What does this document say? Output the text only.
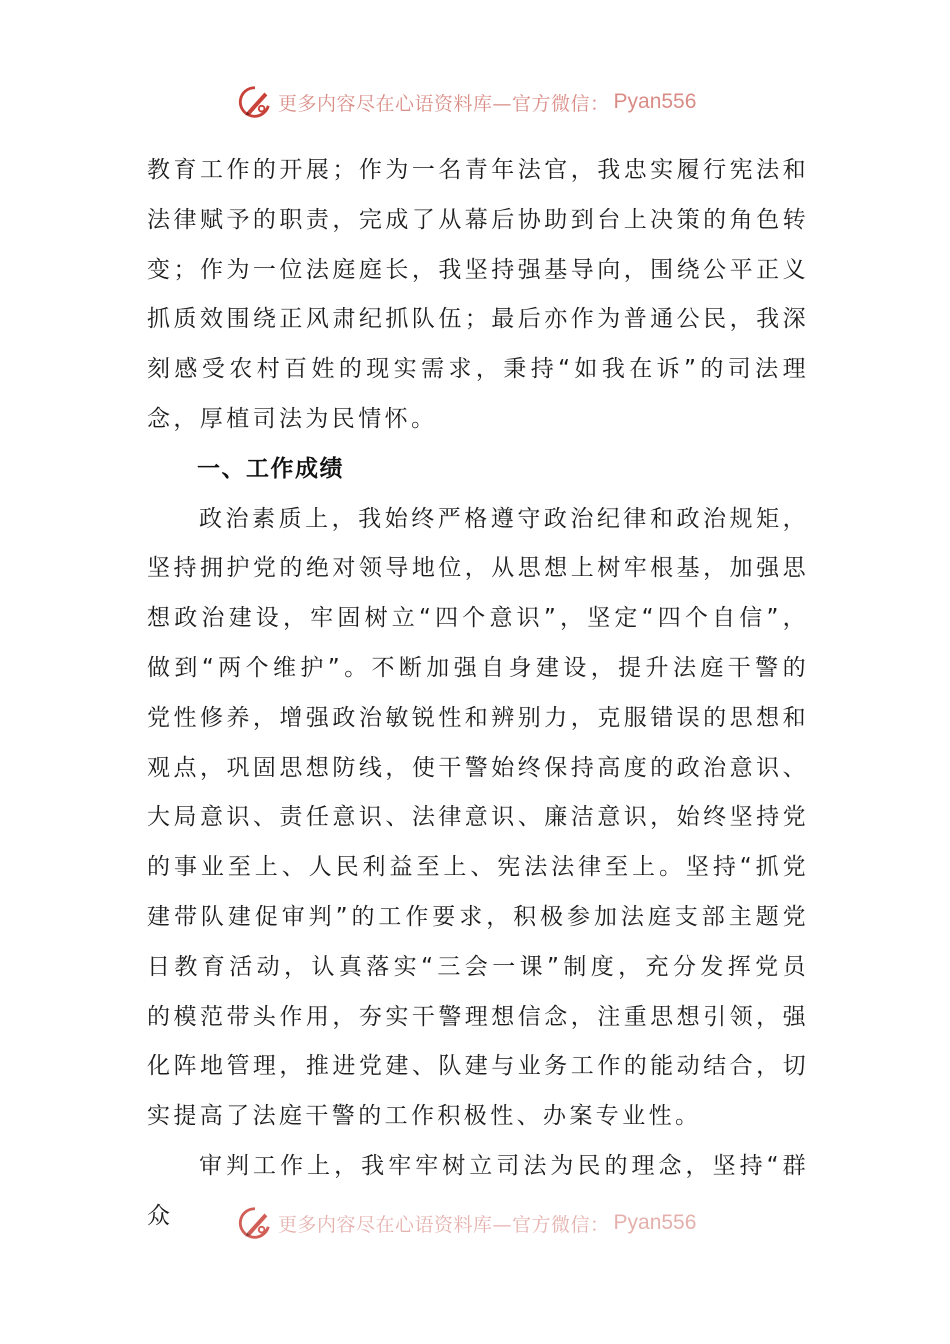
更多内容尽在心语资料库—官方微信： Pyan556

教育工作的开展；作为一名青年法官，我忠实履行宪法和法律赋予的职责，完成了从幕后协助到台上决策的角色转变；作为一位法庭庭长，我坚持强基导向，围绕公平正义抓质效围绕正风肃纪抓队伍；最后亦作为普通公民，我深刻感受农村百姓的现实需求，秉持“如我在诉”的司法理念，厚植司法为民情怀。

一、工作成绩

政治素质上，我始终严格遵守政治纪律和政治规矩，坚持拥护党的绝对领导地位，从思想上树牢根基，加强思想政治建设，牢固树立“四个意识”，坚定“四个自信”，做到“两个维护”。不断加强自身建设，提升法庭干警的党性修养，增强政治敏锐性和辨别力，克服错误的思想和观点，巩固思想防线，使干警始终保持高度的政治意识、大局意识、责任意识、法律意识、廉洁意识，始终坚持党的事业至上、人民利益至上、宪法法律至上。坚持“抓党建带队建促审判”的工作要求，积极参加法庭支部主题党日教育活动，认真落实“三会一课”制度，充分发挥党员的模范带头作用，夯实干警理想信念，注重思想引领，强化阵地管理，推进党建、队建与业务工作的能动结合，切实提高了法庭干警的工作积极性、办案专业性。

审判工作上，我牢牢树立司法为民的理念，坚持“群众	更多内容尽在心语资料库—官方微信： Pyan556
